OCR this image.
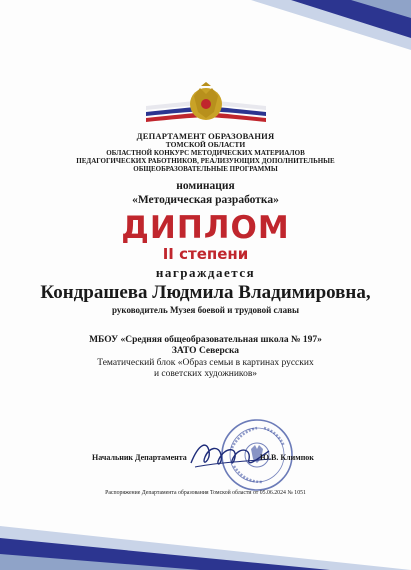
ДЕПАРТАМЕНТ ОБРАЗОВАНИЯ
ТОМСКОЙ ОБЛАСТИ
ОБЛАСТНОЙ КОНКУРС МЕТОДИЧЕСКИХ МАТЕРИАЛОВ
ПЕДАГОГИЧЕСКИХ РАБОТНИКОВ, РЕАЛИЗУЮЩИХ ДОПОЛНИТЕЛЬНЫЕ
ОБЩЕОБРАЗОВАТЕЛЬНЫЕ ПРОГРАММЫ
номинация
«Методическая разработка»
ДИПЛОМ
II степени
награждается
Кондрашева Людмила Владимировна,
руководитель Музея боевой и трудовой славы
МБОУ «Средняя общеобразовательная школа № 197»
ЗАТО Северска
Тематический блок «Образ семьи в картинах русских
и советских художников»
Начальник Департамента	Ю.В. Климпок
Распоряжение Департамента образования Томской области от 05.06.2024 № 1051
